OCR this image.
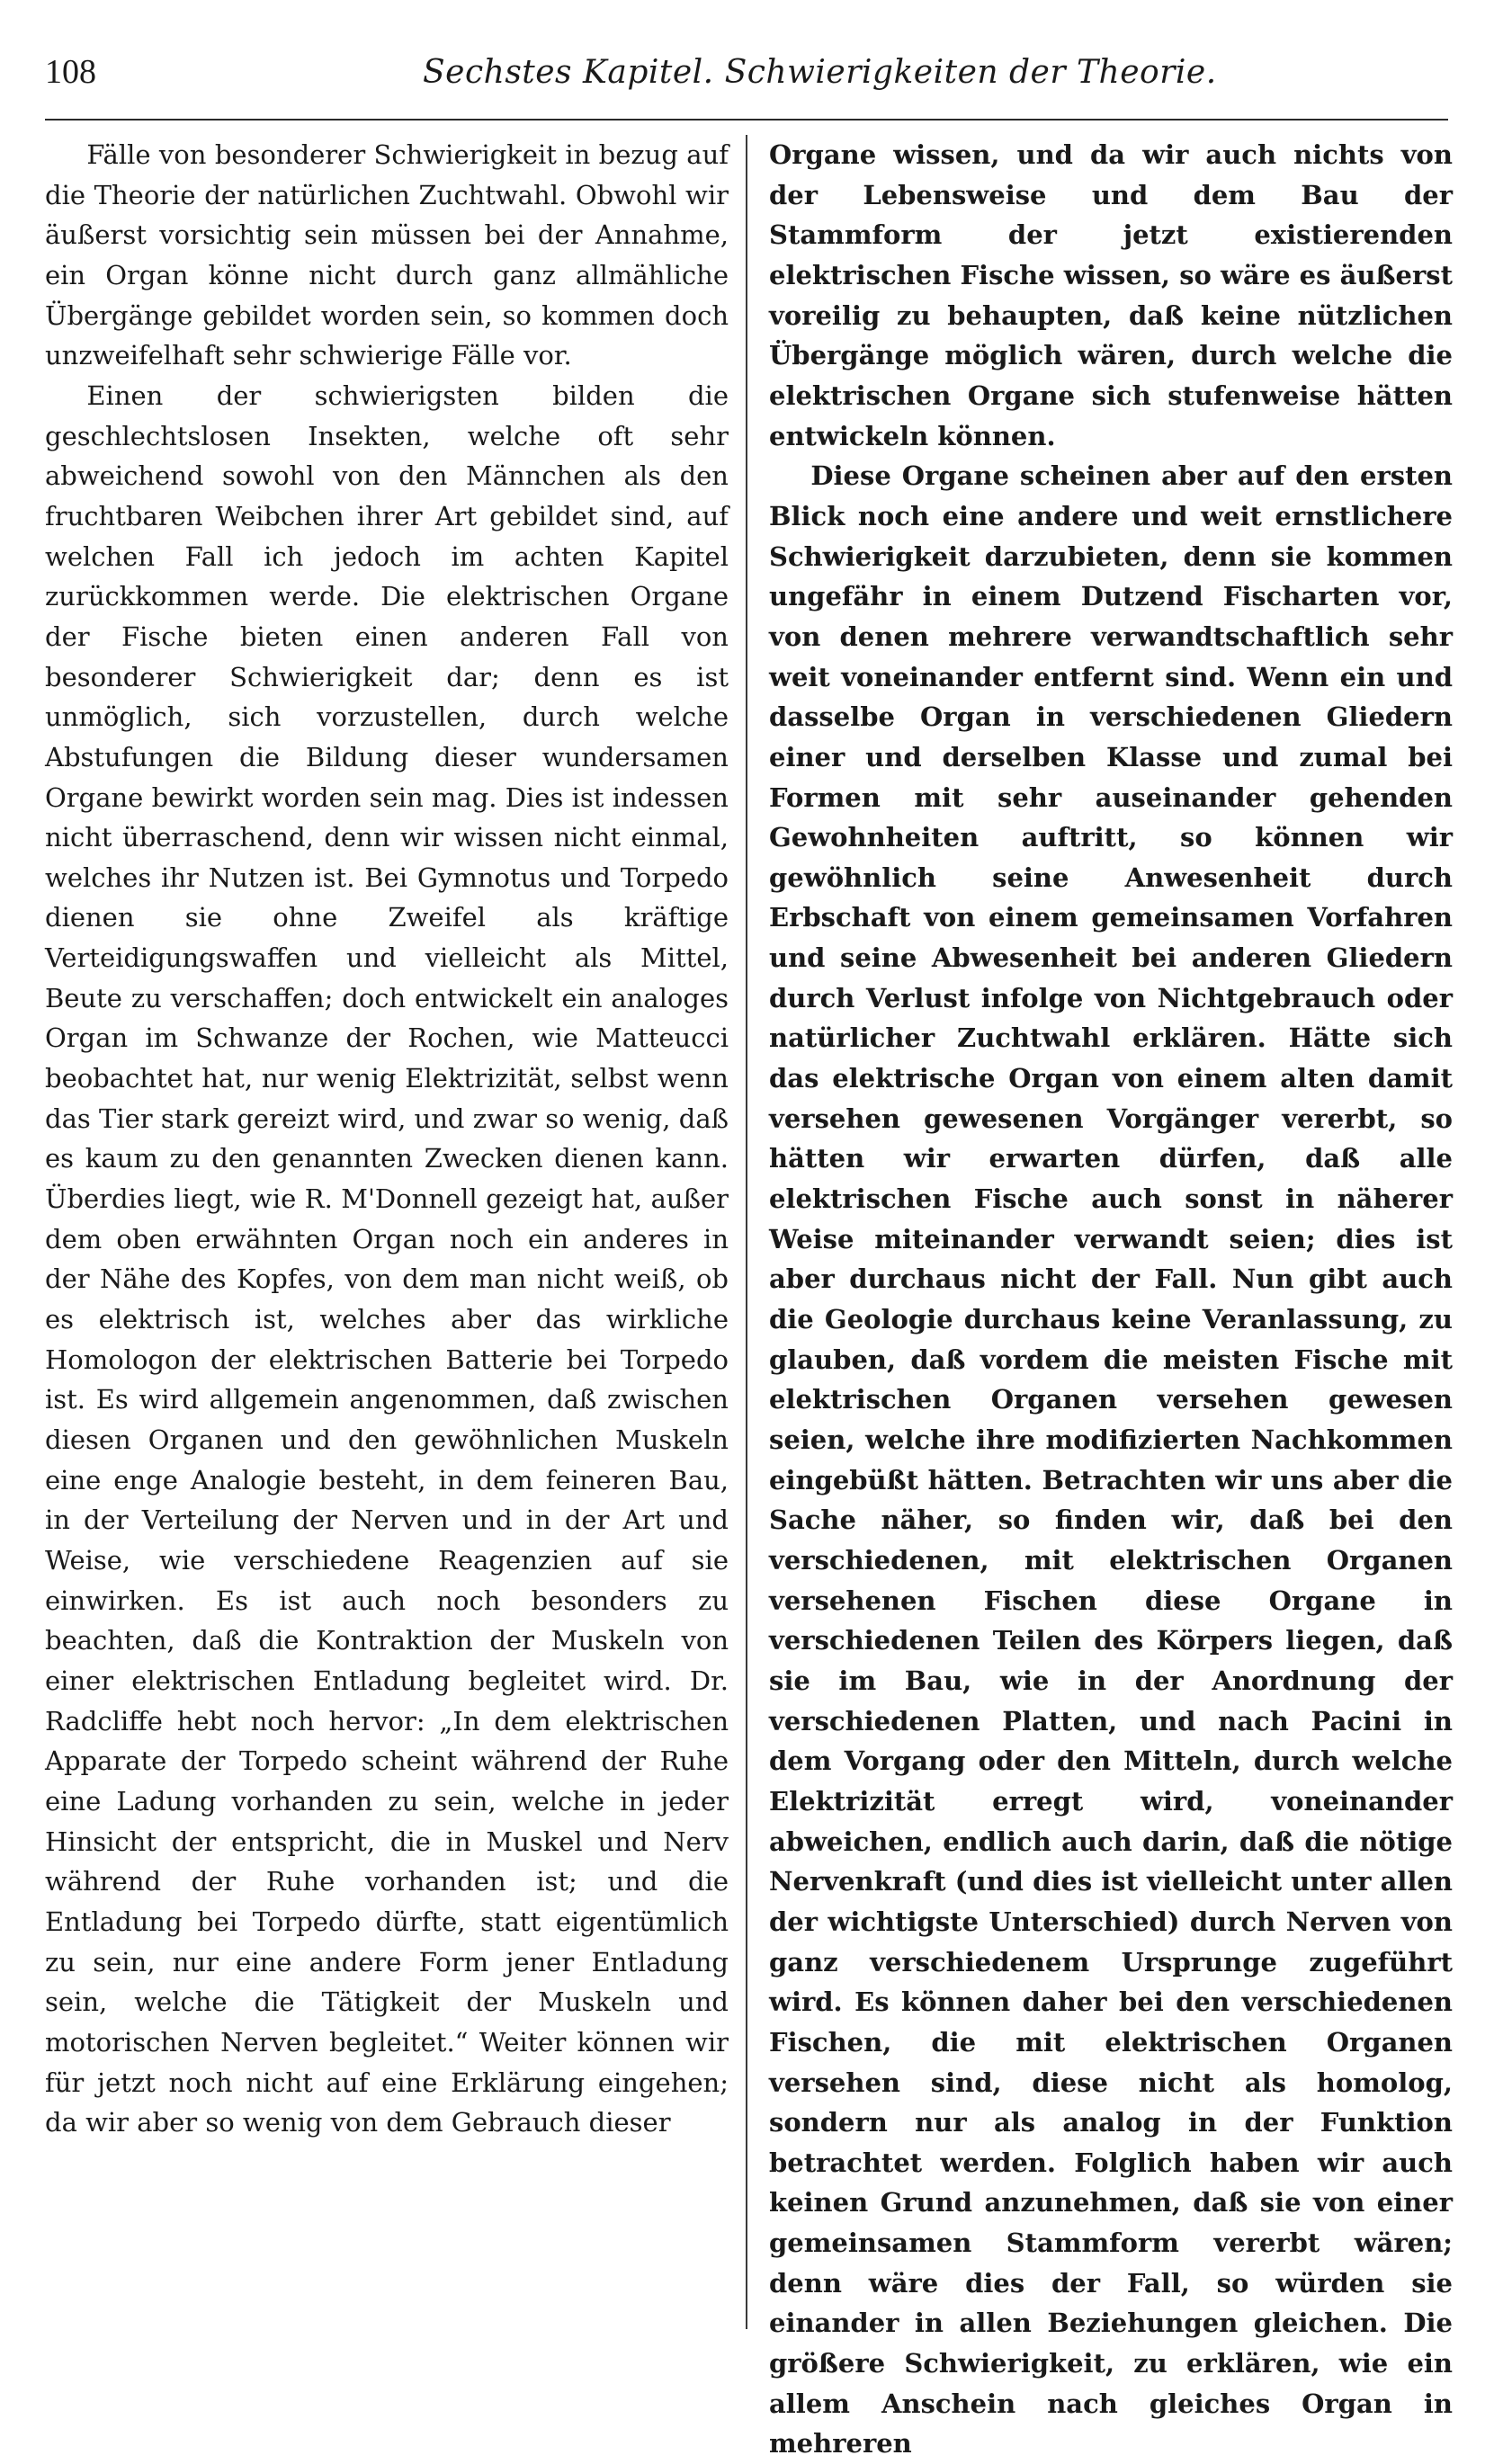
108	Sechstes Kapitel. Schwierigkeiten der Theorie.

Fälle von besonderer Schwierigkeit in bezug auf die Theorie der natürlichen Zuchtwahl. Obwohl wir äußerst vorsichtig sein müssen bei der Annahme, ein Organ könne nicht durch ganz allmähliche Übergänge gebildet worden sein, so kommen doch unzweifelhaft sehr schwierige Fälle vor.

Einen der schwierigsten bilden die geschlechtslosen Insekten, welche oft sehr abweichend sowohl von den Männchen als den fruchtbaren Weibchen ihrer Art gebildet sind, auf welchen Fall ich jedoch im achten Kapitel zurückkommen werde. Die elektrischen Organe der Fische bieten einen anderen Fall von besonderer Schwierigkeit dar; denn es ist unmöglich, sich vorzustellen, durch welche Abstufungen die Bildung dieser wundersamen Organe bewirkt worden sein mag. Dies ist indessen nicht überraschend, denn wir wissen nicht einmal, welches ihr Nutzen ist. Bei Gymnotus und Torpedo dienen sie ohne Zweifel als kräftige Verteidigungswaffen und vielleicht als Mittel, Beute zu verschaffen; doch entwickelt ein analoges Organ im Schwanze der Rochen, wie Matteucci beobachtet hat, nur wenig Elektrizität, selbst wenn das Tier stark gereizt wird, und zwar so wenig, daß es kaum zu den genannten Zwecken dienen kann. Überdies liegt, wie R. M'Donnell gezeigt hat, außer dem oben erwähnten Organ noch ein anderes in der Nähe des Kopfes, von dem man nicht weiß, ob es elektrisch ist, welches aber das wirkliche Homologon der elektrischen Batterie bei Torpedo ist. Es wird allgemein angenommen, daß zwischen diesen Organen und den gewöhnlichen Muskeln eine enge Analogie besteht, in dem feineren Bau, in der Verteilung der Nerven und in der Art und Weise, wie verschiedene Reagenzien auf sie einwirken. Es ist auch noch besonders zu beachten, daß die Kontraktion der Muskeln von einer elektrischen Entladung begleitet wird. Dr. Radcliffe hebt noch hervor: „In dem elektrischen Apparate der Torpedo scheint während der Ruhe eine Ladung vorhanden zu sein, welche in jeder Hinsicht der entspricht, die in Muskel und Nerv während der Ruhe vorhanden ist; und die Entladung bei Torpedo dürfte, statt eigentümlich zu sein, nur eine andere Form jener Entladung sein, welche die Tätigkeit der Muskeln und motorischen Nerven begleitet.“ Weiter können wir für jetzt noch nicht auf eine Erklärung eingehen; da wir aber so wenig von dem Gebrauch dieser

Organe wissen, und da wir auch nichts von der Lebensweise und dem Bau der Stammform der jetzt existierenden elektrischen Fische wissen, so wäre es äußerst voreilig zu behaupten, daß keine nützlichen Übergänge möglich wären, durch welche die elektrischen Organe sich stufenweise hätten entwickeln können.

Diese Organe scheinen aber auf den ersten Blick noch eine andere und weit ernstlichere Schwierigkeit darzubieten, denn sie kommen ungefähr in einem Dutzend Fischarten vor, von denen mehrere verwandtschaftlich sehr weit voneinander entfernt sind. Wenn ein und dasselbe Organ in verschiedenen Gliedern einer und derselben Klasse und zumal bei Formen mit sehr auseinander gehenden Gewohnheiten auftritt, so können wir gewöhnlich seine Anwesenheit durch Erbschaft von einem gemeinsamen Vorfahren und seine Abwesenheit bei anderen Gliedern durch Verlust infolge von Nichtgebrauch oder natürlicher Zuchtwahl erklären. Hätte sich das elektrische Organ von einem alten damit versehen gewesenen Vorgänger vererbt, so hätten wir erwarten dürfen, daß alle elektrischen Fische auch sonst in näherer Weise miteinander verwandt seien; dies ist aber durchaus nicht der Fall. Nun gibt auch die Geologie durchaus keine Veranlassung, zu glauben, daß vordem die meisten Fische mit elektrischen Organen versehen gewesen seien, welche ihre modifizierten Nachkommen eingebüßt hätten. Betrachten wir uns aber die Sache näher, so finden wir, daß bei den verschiedenen, mit elektrischen Organen versehenen Fischen diese Organe in verschiedenen Teilen des Körpers liegen, daß sie im Bau, wie in der Anordnung der verschiedenen Platten, und nach Pacini in dem Vorgang oder den Mitteln, durch welche Elektrizität erregt wird, voneinander abweichen, endlich auch darin, daß die nötige Nervenkraft (und dies ist vielleicht unter allen der wichtigste Unterschied) durch Nerven von ganz verschiedenem Ursprunge zugeführt wird. Es können daher bei den verschiedenen Fischen, die mit elektrischen Organen versehen sind, diese nicht als homolog, sondern nur als analog in der Funktion betrachtet werden. Folglich haben wir auch keinen Grund anzunehmen, daß sie von einer gemeinsamen Stammform vererbt wären; denn wäre dies der Fall, so würden sie einander in allen Beziehungen gleichen. Die größere Schwierigkeit, zu erklären, wie ein allem Anschein nach gleiches Organ in mehreren
